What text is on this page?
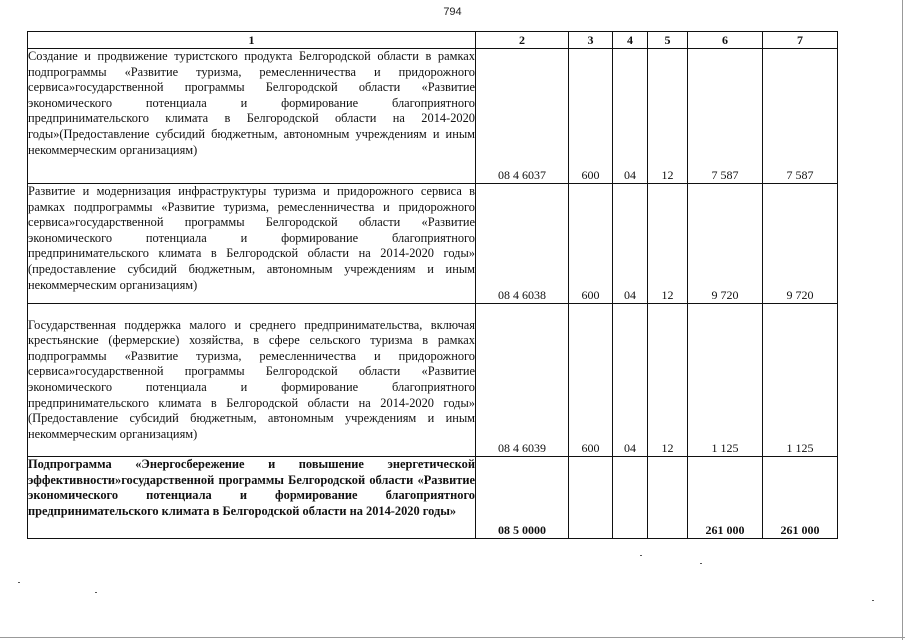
794
1	2	3	4	5	6	7
Создание и продвижение туристского продукта Белгородской области в рамках подпрограммы «Развитие туризма, ремесленничества и придорожного сервиса»государственной программы Белгородской области «Развитие экономического потенциала и формирование благоприятного предпринимательского климата в Белгородской области на 2014-2020 годы»(Предоставление субсидий бюджетным, автономным учреждениям и иным некоммерческим организациям)	08 4 6037	600	04	12	7 587	7 587
Развитие и модернизация инфраструктуры туризма и придорожного сервиса в рамках подпрограммы «Развитие туризма, ремесленничества и придорожного сервиса»государственной программы Белгородской области «Развитие экономического потенциала и формирование благоприятного предпринимательского климата в Белгородской области на 2014-2020 годы» (предоставление субсидий бюджетным, автономным учреждениям и иным некоммерческим организациям)	08 4 6038	600	04	12	9 720	9 720
Государственная поддержка малого и среднего предпринимательства, включая крестьянские (фермерские) хозяйства, в сфере сельского туризма в рамках подпрограммы «Развитие туризма, ремесленничества и придорожного сервиса»государственной программы Белгородской области «Развитие экономического потенциала и формирование благоприятного предпринимательского климата в Белгородской области на 2014-2020 годы» (Предоставление субсидий бюджетным, автономным учреждениям и иным некоммерческим организациям)	08 4 6039	600	04	12	1 125	1 125
Подпрограмма «Энергосбережение и повышение энергетической эффективности»государственной программы Белгородской области «Развитие экономического потенциала и формирование благоприятного предпринимательского климата в Белгородской области на 2014-2020 годы»	08 5 0000				261 000	261 000
